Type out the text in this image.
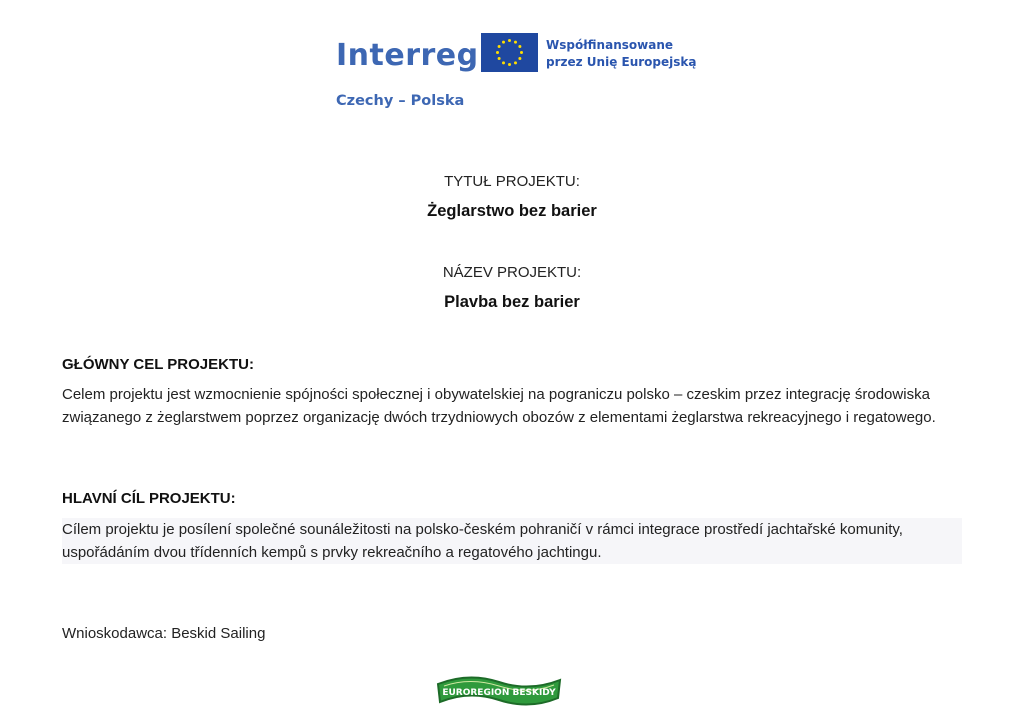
Interreg
Czechy – Polska
Współfinansowane
przez Unię Europejską
TYTUŁ PROJEKTU:
Żeglarstwo bez barier
NÁZEV PROJEKTU:
Plavba bez barier
GŁÓWNY CEL PROJEKTU:
Celem projektu jest wzmocnienie spójności społecznej i obywatelskiej na pograniczu polsko – czeskim przez integrację środowiska związanego z żeglarstwem poprzez organizację dwóch trzydniowych obozów z elementami żeglarstwa rekreacyjnego i regatowego.
HLAVNÍ CÍL PROJEKTU:
Cílem projektu je posílení společné sounáležitosti na polsko-českém pohraničí v rámci integrace prostředí jachtařské komunity, uspořádáním dvou třídenních kempů s prvky rekreačního a regatového jachtingu.
Wnioskodawca: Beskid Sailing
EUROREGION BESKIDY
